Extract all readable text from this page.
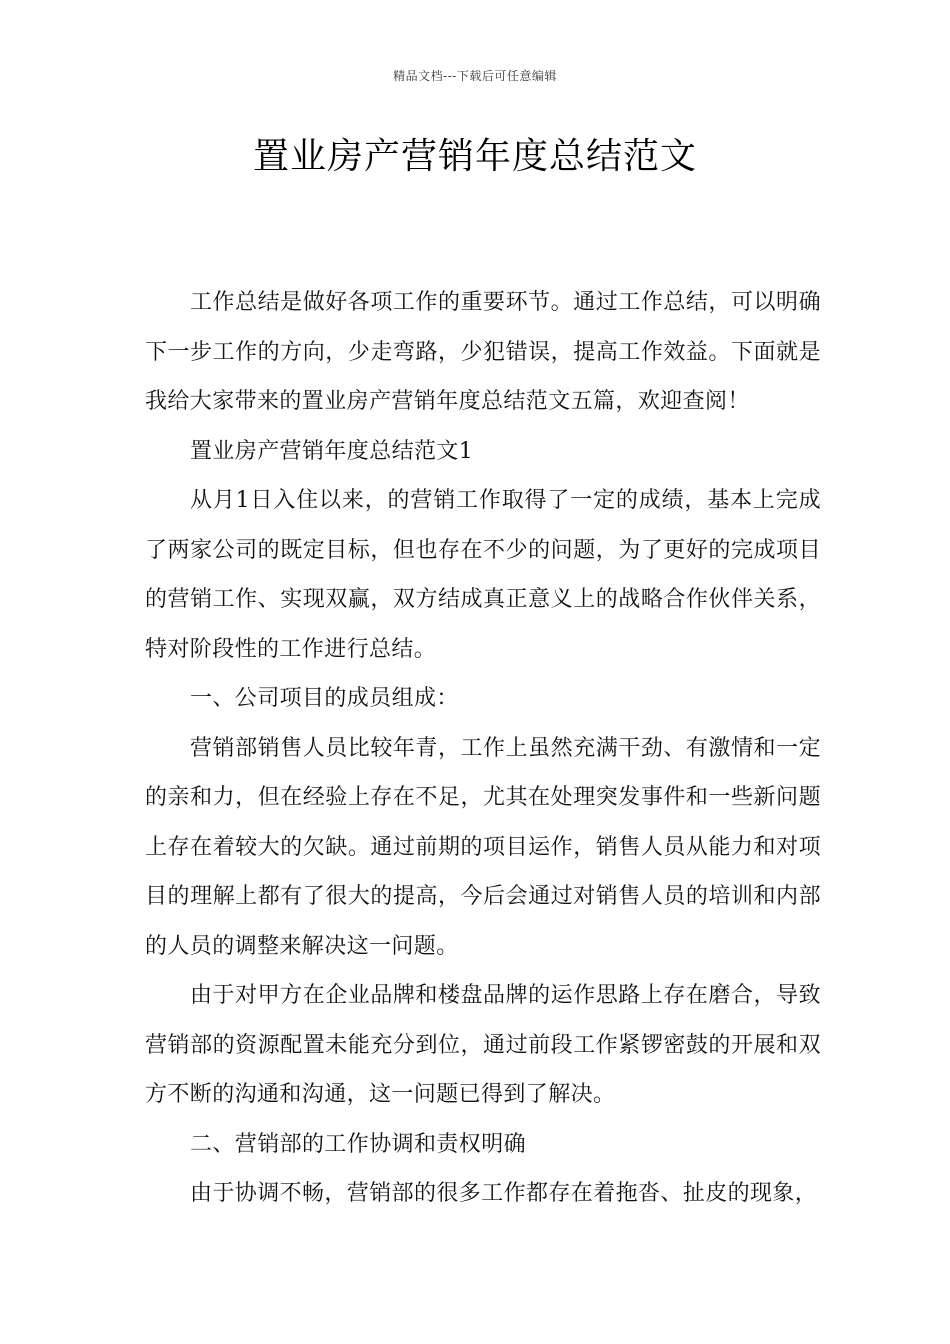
精品文档---下载后可任意编辑
置业房产营销年度总结范文

工作总结是做好各项工作的重要环节。通过工作总结，可以明确下一步工作的方向，少走弯路，少犯错误，提高工作效益。下面就是我给大家带来的置业房产营销年度总结范文五篇，欢迎查阅！

置业房产营销年度总结范文1

从月1日入住以来，的营销工作取得了一定的成绩，基本上完成了两家公司的既定目标，但也存在不少的问题，为了更好的完成项目的营销工作、实现双赢，双方结成真正意义上的战略合作伙伴关系，特对阶段性的工作进行总结。

一、公司项目的成员组成：

营销部销售人员比较年青，工作上虽然充满干劲、有激情和一定的亲和力，但在经验上存在不足，尤其在处理突发事件和一些新问题上存在着较大的欠缺。通过前期的项目运作，销售人员从能力和对项目的理解上都有了很大的提高，今后会通过对销售人员的培训和内部的人员的调整来解决这一问题。

由于对甲方在企业品牌和楼盘品牌的运作思路上存在磨合，导致营销部的资源配置未能充分到位，通过前段工作紧锣密鼓的开展和双方不断的沟通和沟通，这一问题已得到了解决。

二、营销部的工作协调和责权明确

由于协调不畅，营销部的很多工作都存在着拖沓、扯皮的现象，
